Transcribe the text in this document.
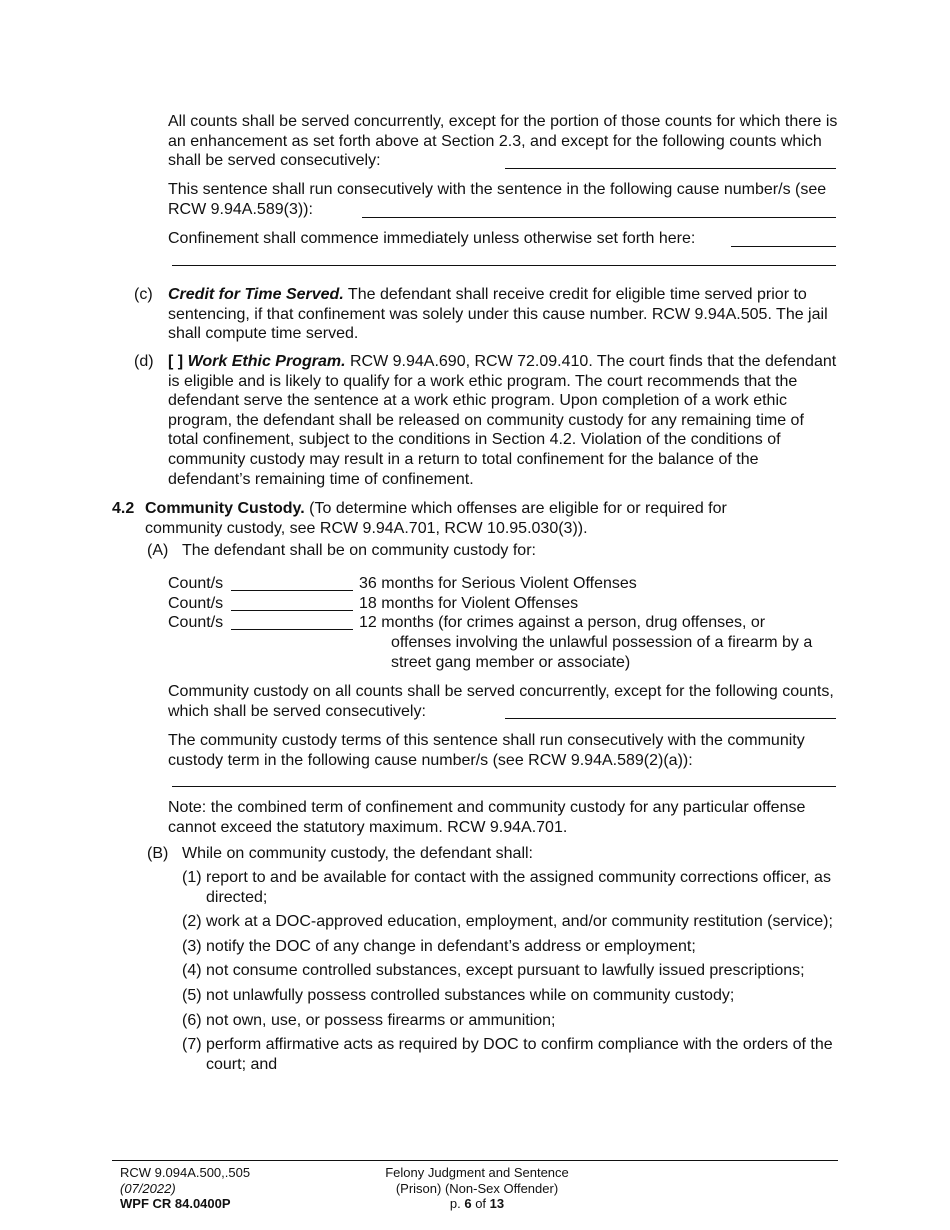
All counts shall be served concurrently, except for the portion of those counts for which there is an enhancement as set forth above at Section 2.3, and except for the following counts which shall be served consecutively:

This sentence shall run consecutively with the sentence in the following cause number/s (see RCW 9.94A.589(3)):

Confinement shall commence immediately unless otherwise set forth here:

(c) Credit for Time Served. The defendant shall receive credit for eligible time served prior to sentencing, if that confinement was solely under this cause number. RCW 9.94A.505. The jail shall compute time served.

(d) [ ] Work Ethic Program. RCW 9.94A.690, RCW 72.09.410. The court finds that the defendant is eligible and is likely to qualify for a work ethic program. The court recommends that the defendant serve the sentence at a work ethic program. Upon completion of a work ethic program, the defendant shall be released on community custody for any remaining time of total confinement, subject to the conditions in Section 4.2. Violation of the conditions of community custody may result in a return to total confinement for the balance of the defendant’s remaining time of confinement.

4.2 Community Custody. (To determine which offenses are eligible for or required for community custody, see RCW 9.94A.701, RCW 10.95.030(3)).

(A) The defendant shall be on community custody for:
Count/s	36 months for Serious Violent Offenses
Count/s	18 months for Violent Offenses
Count/s	12 months (for crimes against a person, drug offenses, or
offenses involving the unlawful possession of a firearm by a street gang member or associate)

Community custody on all counts shall be served concurrently, except for the following counts, which shall be served consecutively:

The community custody terms of this sentence shall run consecutively with the community custody term in the following cause number/s (see RCW 9.94A.589(2)(a)):

Note: the combined term of confinement and community custody for any particular offense cannot exceed the statutory maximum. RCW 9.94A.701.

(B) While on community custody, the defendant shall:
(1) report to and be available for contact with the assigned community corrections officer, as directed;
(2) work at a DOC-approved education, employment, and/or community restitution (service);
(3) notify the DOC of any change in defendant’s address or employment;
(4) not consume controlled substances, except pursuant to lawfully issued prescriptions;
(5) not unlawfully possess controlled substances while on community custody;
(6) not own, use, or possess firearms or ammunition;
(7) perform affirmative acts as required by DOC to confirm compliance with the orders of the court; and
RCW 9.094A.500,.505
(07/2022)
WPF CR 84.0400P
Felony Judgment and Sentence
(Prison) (Non-Sex Offender)
p. 6 of 13
